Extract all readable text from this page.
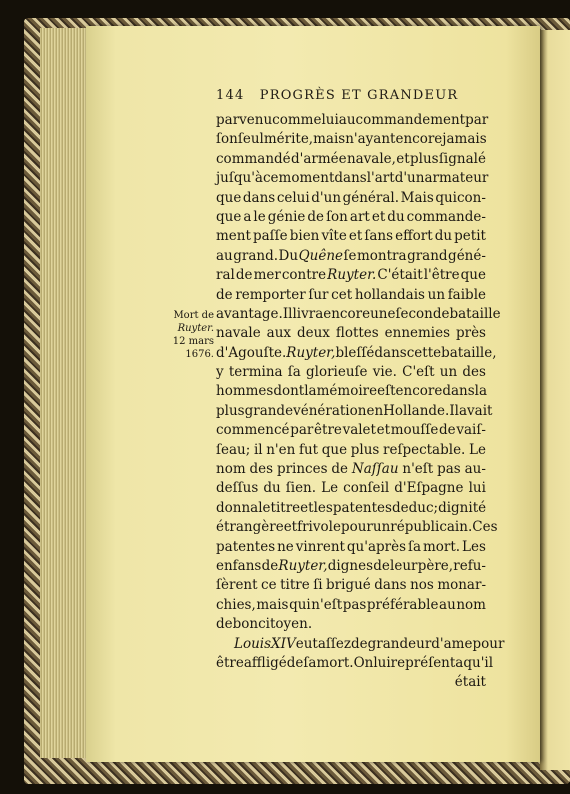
144 PROGRÈS ET GRANDEUR
Mort de
Ruyter.
12 mars
1676.
parvenu comme lui au commandement par
ſon ſeul mérite, mais n'ayant encore jamais
commandé d'armée navale, et plus ſignalé
juſqu'à ce moment dans l'art d'un armateur
que dans celui d'un général. Mais quicon-
que a le génie de ſon art et du commande-
ment paſſe bien vîte et ſans effort du petit
au grand. Du Quêne ſe montra grand géné-
ral de mer contre Ruyter. C'était l'être que
de remporter ſur cet hollandais un faible
avantage. Il livra encore une ſeconde bataille
navale aux deux flottes ennemies près
d'Agouſte. Ruyter, bleſſé dans cette bataille,
y termina ſa glorieuſe vie. C'eſt un des
hommes dont la mémoire eſt encore dans la
plus grande vénération en Hollande. Il avait
commencé par être valet et mouſſe de vaiſ-
ſeau; il n'en fut que plus reſpectable. Le
nom des princes de Naſſau n'eſt pas au-
deſſus du ſien. Le conſeil d'Eſpagne lui
donna le titre et les patentes de duc; dignité
étrangère et frivole pour un républicain. Ces
patentes ne vinrent qu'après ſa mort. Les
enfans de Ruyter, dignes de leur père, refu-
ſèrent ce titre ſi brigué dans nos monar-
chies, mais qui n'eſt pas préférable au nom
de bon citoyen.
Louis XIV eut aſſez de grandeur d'ame pour
être affligé de ſa mort. On lui repréſenta qu'il
était
